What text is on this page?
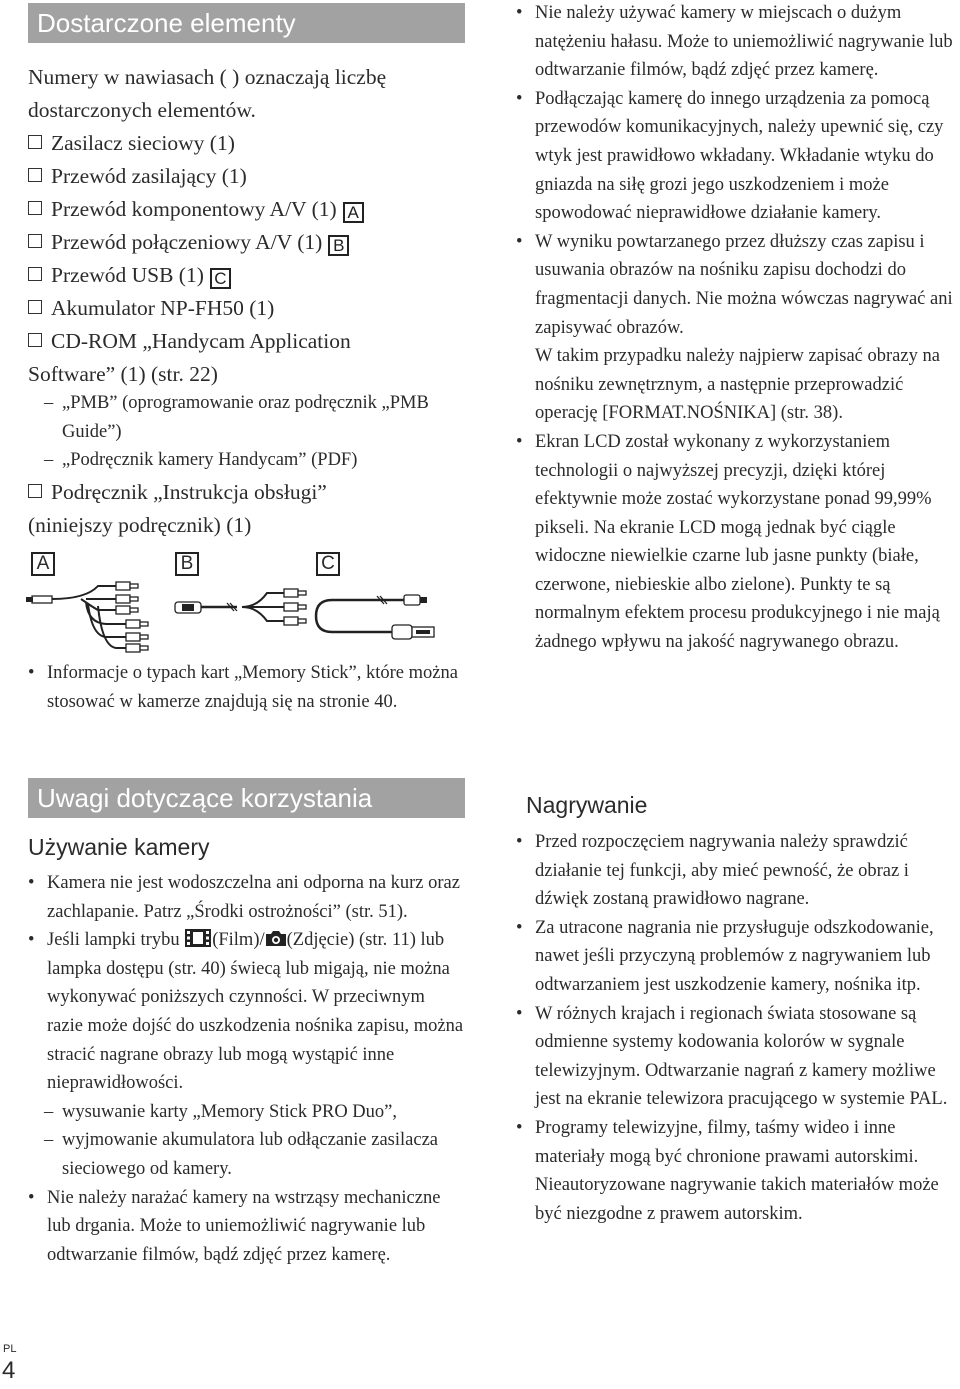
Dostarczone elementy
Numery w nawiasach ( ) oznaczają liczbę dostarczonych elementów.
Zasilacz sieciowy (1)
Przewód zasilający (1)
Przewód komponentowy A/V (1) A
Przewód połączeniowy A/V (1) B
Przewód USB (1) C
Akumulator NP-FH50 (1)
CD-ROM „Handycam Application
Software” (1) (str. 22)
– „PMB” (oprogramowanie oraz podręcznik „PMB Guide”)
– „Podręcznik kamery Handycam” (PDF)
Podręcznik „Instrukcja obsługi”
(niniejszy podręcznik) (1)
A	B	C
• Informacje o typach kart „Memory Stick”, które można stosować w kamerze znajdują się na stronie 40.
Uwagi dotyczące korzystania
Używanie kamery
• Kamera nie jest wodoszczelna ani odporna na kurz oraz zachlapanie. Patrz „Środki ostrożności” (str. 51).
• Jeśli lampki trybu (Film)/ (Zdjęcie) (str. 11) lub lampka dostępu (str. 40) świecą lub migają, nie można wykonywać poniższych czynności. W przeciwnym razie może dojść do uszkodzenia nośnika zapisu, można stracić nagrane obrazy lub mogą wystąpić inne nieprawidłowości.
– wysuwanie karty „Memory Stick PRO Duo”,
– wyjmowanie akumulatora lub odłączanie zasilacza sieciowego od kamery.
• Nie należy narażać kamery na wstrząsy mechaniczne lub drgania. Może to uniemożliwić nagrywanie lub odtwarzanie filmów, bądź zdjęć przez kamerę.
PL
4
• Nie należy używać kamery w miejscach o dużym natężeniu hałasu. Może to uniemożliwić nagrywanie lub odtwarzanie filmów, bądź zdjęć przez kamerę.
• Podłączając kamerę do innego urządzenia za pomocą przewodów komunikacyjnych, należy upewnić się, czy wtyk jest prawidłowo wkładany. Wkładanie wtyku do gniazda na siłę grozi jego uszkodzeniem i może spowodować nieprawidłowe działanie kamery.
• W wyniku powtarzanego przez dłuższy czas zapisu i usuwania obrazów na nośniku zapisu dochodzi do fragmentacji danych. Nie można wówczas nagrywać ani zapisywać obrazów.
W takim przypadku należy najpierw zapisać obrazy na nośniku zewnętrznym, a następnie przeprowadzić operację [FORMAT.NOŚNIKA] (str. 38).
• Ekran LCD został wykonany z wykorzystaniem technologii o najwyższej precyzji, dzięki której efektywnie może zostać wykorzystane ponad 99,99% pikseli. Na ekranie LCD mogą jednak być ciągle widoczne niewielkie czarne lub jasne punkty (białe, czerwone, niebieskie albo zielone). Punkty te są normalnym efektem procesu produkcyjnego i nie mają żadnego wpływu na jakość nagrywanego obrazu.
Nagrywanie
• Przed rozpoczęciem nagrywania należy sprawdzić działanie tej funkcji, aby mieć pewność, że obraz i dźwięk zostaną prawidłowo nagrane.
• Za utracone nagrania nie przysługuje odszkodowanie, nawet jeśli przyczyną problemów z nagrywaniem lub odtwarzaniem jest uszkodzenie kamery, nośnika itp.
• W różnych krajach i regionach świata stosowane są odmienne systemy kodowania kolorów w sygnale telewizyjnym. Odtwarzanie nagrań z kamery możliwe jest na ekranie telewizora pracującego w systemie PAL.
• Programy telewizyjne, filmy, taśmy wideo i inne materiały mogą być chronione prawami autorskimi. Nieautoryzowane nagrywanie takich materiałów może być niezgodne z prawem autorskim.
